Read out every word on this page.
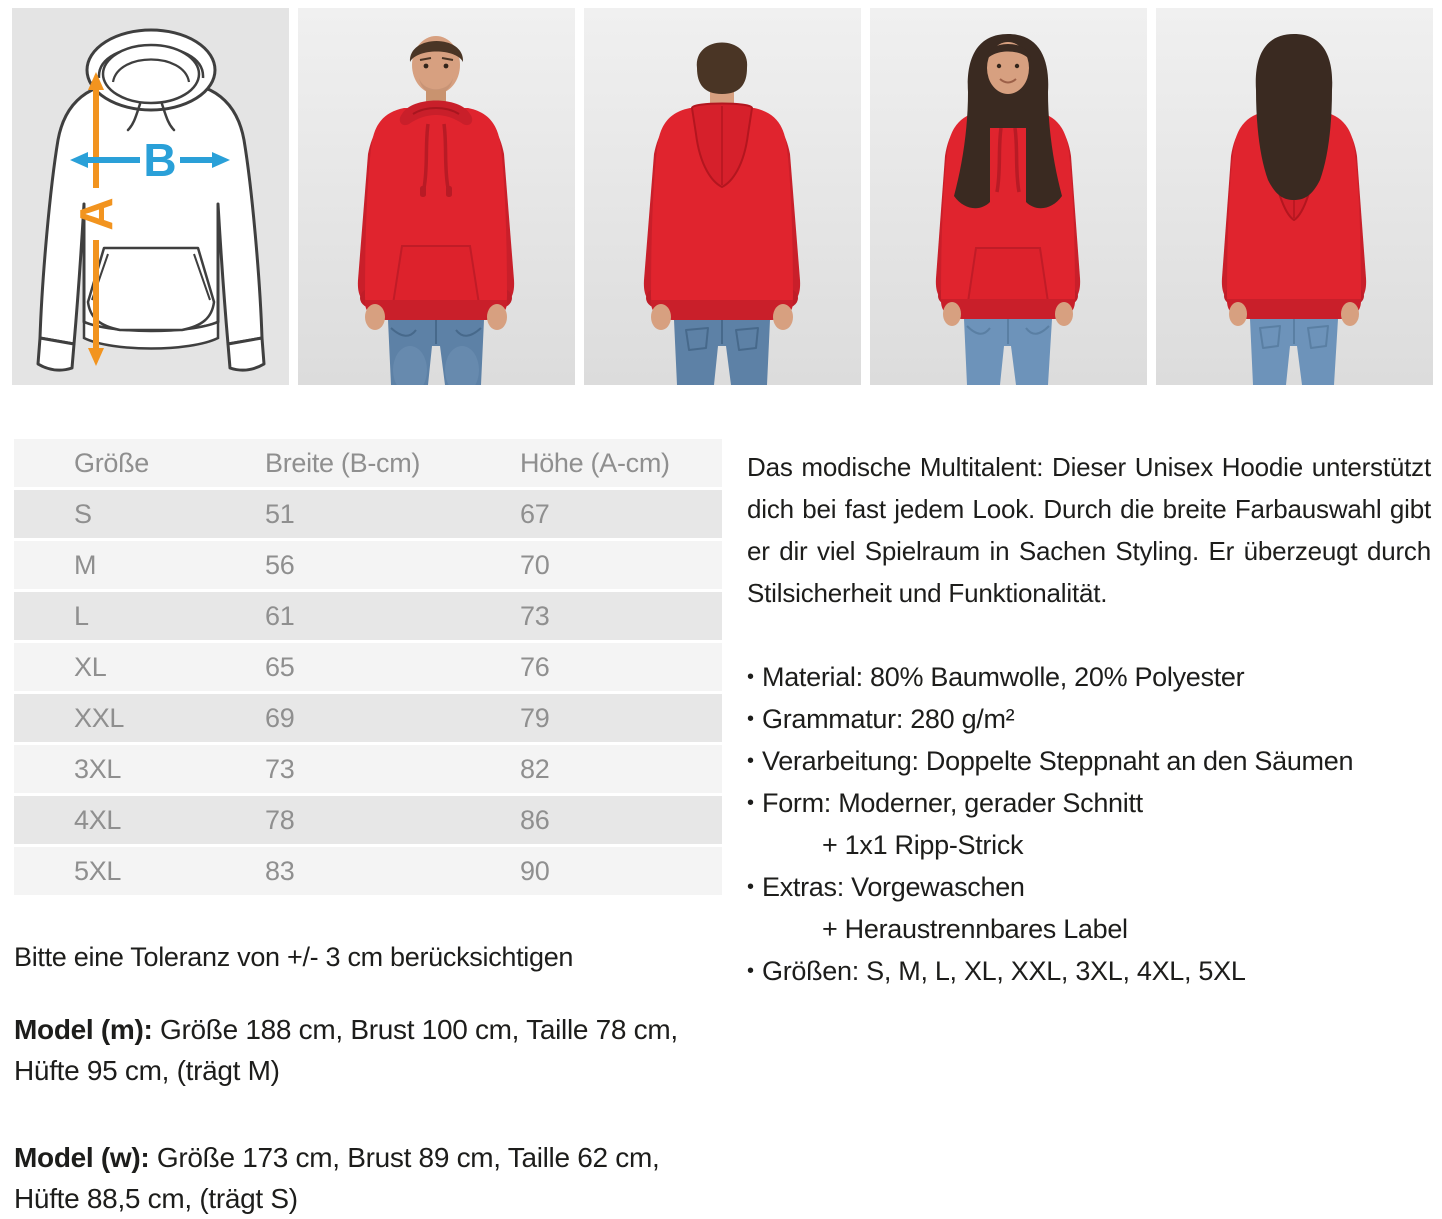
A
B
Größe	Breite (B-cm)	Höhe (A-cm)
S	51	67
M	56	70
L	61	73
XL	65	76
XXL	69	79
3XL	73	82
4XL	78	86
5XL	83	90

Bitte eine Toleranz von +/- 3 cm berücksichtigen

Model (m): Größe 188 cm, Brust 100 cm, Taille 78 cm, Hüfte 95 cm, (trägt M)

Model (w): Größe 173 cm, Brust 89 cm, Taille 62 cm, Hüfte 88,5 cm, (trägt S)

Das modische Multitalent: Dieser Unisex Hoodie unterstützt dich bei fast jedem Look. Durch die breite Farbauswahl gibt er dir viel Spielraum in Sachen Styling. Er überzeugt durch Stilsicherheit und Funktionalität.

• Material: 80% Baumwolle, 20% Polyester
• Grammatur: 280 g/m²
• Verarbeitung: Doppelte Steppnaht an den Säumen
• Form: Moderner, gerader Schnitt
+ 1x1 Ripp-Strick
• Extras: Vorgewaschen
+ Heraustrennbares Label
• Größen: S, M, L, XL, XXL, 3XL, 4XL, 5XL
